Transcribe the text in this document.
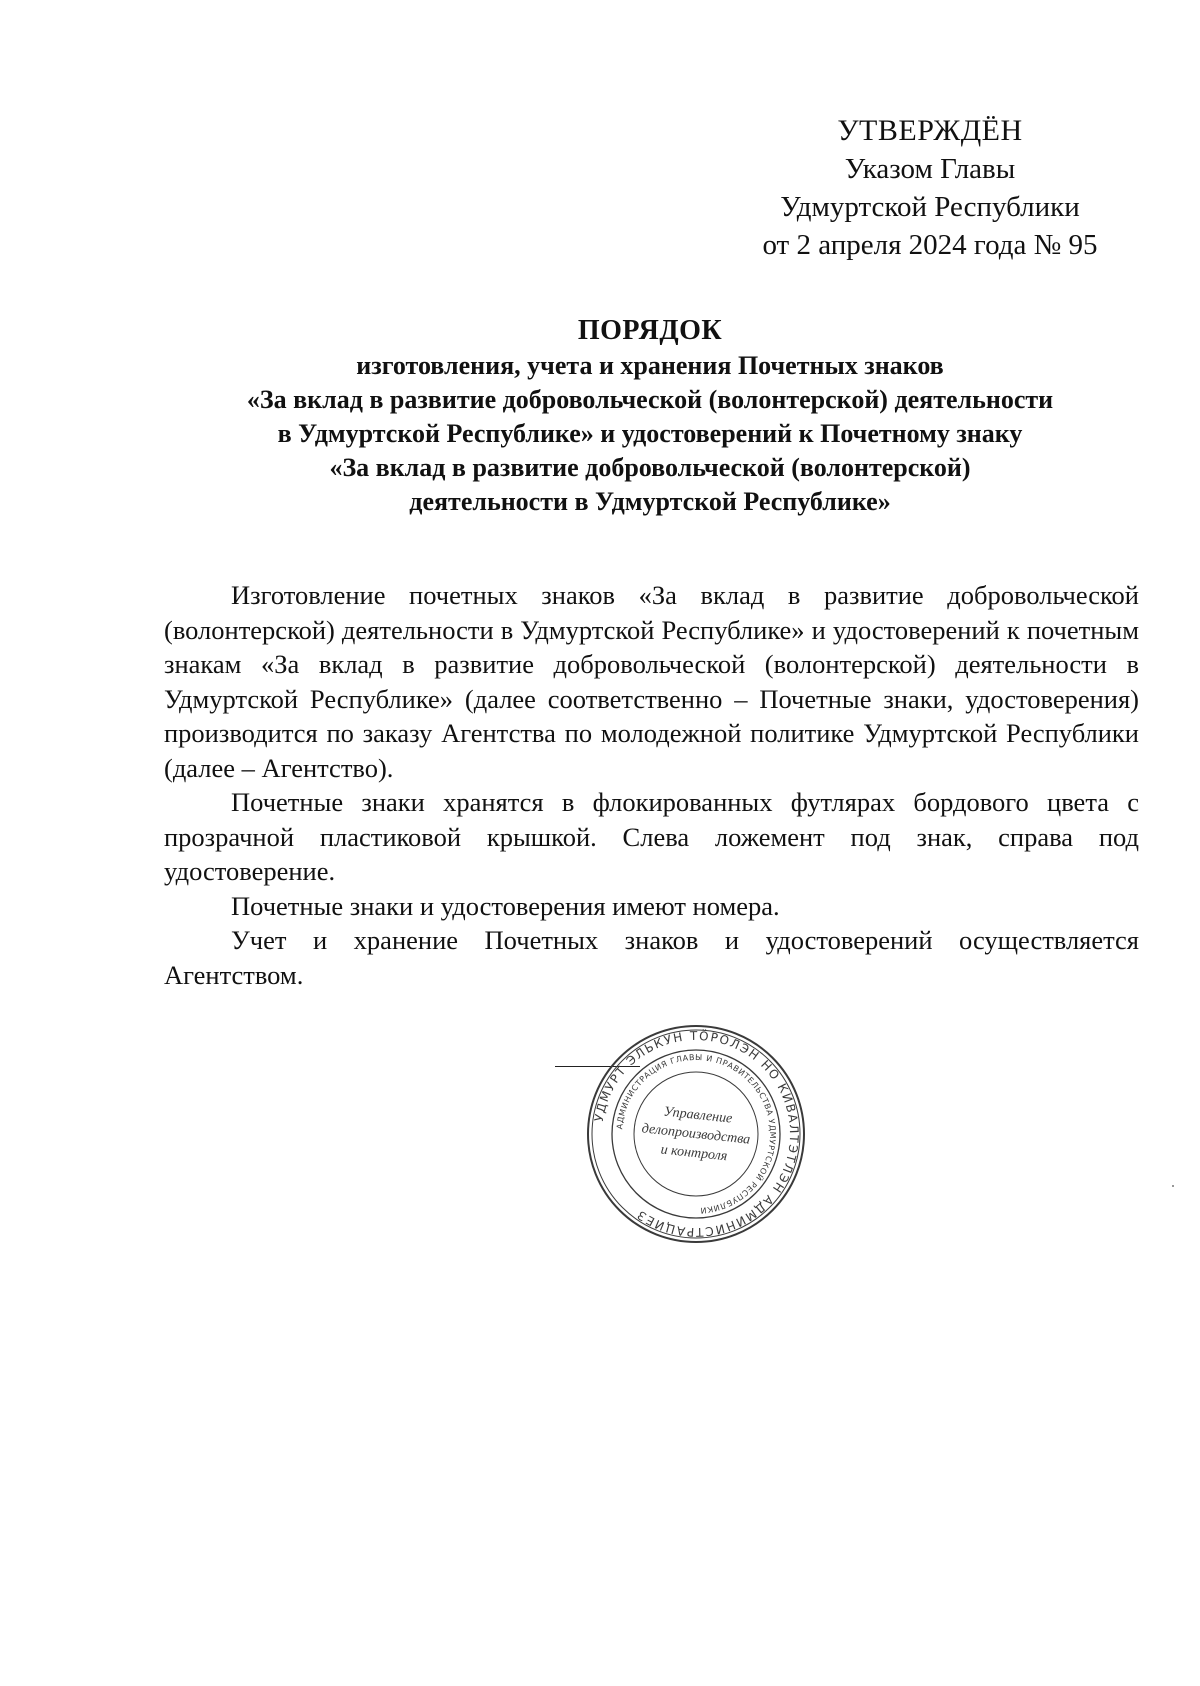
УТВЕРЖДЁН
Указом Главы
Удмуртской Республики
от 2 апреля 2024 года № 95
ПОРЯДОК
изготовления, учета и хранения Почетных знаков
«За вклад в развитие добровольческой (волонтерской) деятельности
в Удмуртской Республике» и удостоверений к Почетному знаку
«За вклад в развитие добровольческой (волонтерской)
деятельности в Удмуртской Республике»

Изготовление почетных знаков «За вклад в развитие добровольческой (волонтерской) деятельности в Удмуртской Республике» и удостоверений к почетным знакам «За вклад в развитие добровольческой (волонтерской) деятельности в Удмуртской Республике» (далее соответственно – Почетные знаки, удостоверения) производится по заказу Агентства по молодежной политике Удмуртской Республики (далее – Агентство).

Почетные знаки хранятся в флокированных футлярах бордового цвета с прозрачной пластиковой крышкой. Слева ложемент под знак, справа под удостоверение.

Почетные знаки и удостоверения имеют номера.

Учет и хранение Почетных знаков и удостоверений осуществляется Агентством.

УДМУРТ ЭЛЬКУН ТӦРОЛЭН НО КИВАЛТЭТЛЭН АДМИНИСТРАЦИЕЗ
АДМИНИСТРАЦИЯ ГЛАВЫ И ПРАВИТЕЛЬСТВА УДМУРТСКОЙ РЕСПУБЛИКИ
Управление
делопроизводства
и контроля
